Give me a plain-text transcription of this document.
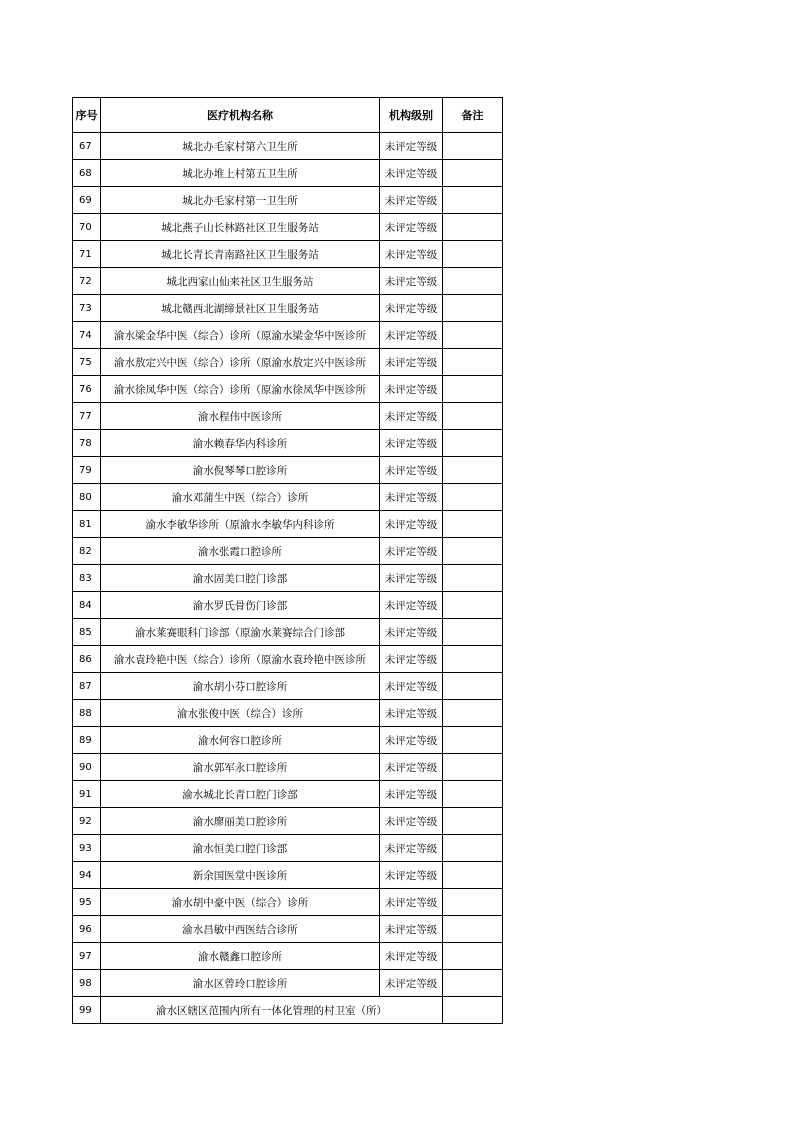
序号	医疗机构名称	机构级别	备注
67	城北办毛家村第六卫生所	未评定等级	
68	城北办堆上村第五卫生所	未评定等级	
69	城北办毛家村第一卫生所	未评定等级	
70	城北燕子山长林路社区卫生服务站	未评定等级	
71	城北长青长青南路社区卫生服务站	未评定等级	
72	城北西家山仙来社区卫生服务站	未评定等级	
73	城北赣西北湖缔景社区卫生服务站	未评定等级	
74	渝水梁金华中医（综合）诊所（原渝水梁金华中医诊所	未评定等级	
75	渝水敖定兴中医（综合）诊所（原渝水敖定兴中医诊所	未评定等级	
76	渝水徐凤华中医（综合）诊所（原渝水徐凤华中医诊所	未评定等级	
77	渝水程伟中医诊所	未评定等级	
78	渝水赖春华内科诊所	未评定等级	
79	渝水倪琴琴口腔诊所	未评定等级	
80	渝水邓蒲生中医（综合）诊所	未评定等级	
81	渝水李敏华诊所（原渝水李敏华内科诊所	未评定等级	
82	渝水张霞口腔诊所	未评定等级	
83	渝水固美口腔门诊部	未评定等级	
84	渝水罗氏骨伤门诊部	未评定等级	
85	渝水莱赛眼科门诊部（原渝水莱赛综合门诊部	未评定等级	
86	渝水袁玲艳中医（综合）诊所（原渝水袁玲艳中医诊所	未评定等级	
87	渝水胡小芬口腔诊所	未评定等级	
88	渝水张俊中医（综合）诊所	未评定等级	
89	渝水何容口腔诊所	未评定等级	
90	渝水郭军永口腔诊所	未评定等级	
91	渝水城北长青口腔门诊部	未评定等级	
92	渝水廖丽美口腔诊所	未评定等级	
93	渝水恒美口腔门诊部	未评定等级	
94	新余国医堂中医诊所	未评定等级	
95	渝水胡中豪中医（综合）诊所	未评定等级	
96	渝水昌敏中西医结合诊所	未评定等级	
97	渝水赣鑫口腔诊所	未评定等级	
98	渝水区曾玲口腔诊所	未评定等级	
99	渝水区辖区范围内所有一体化管理的村卫室（所）		
